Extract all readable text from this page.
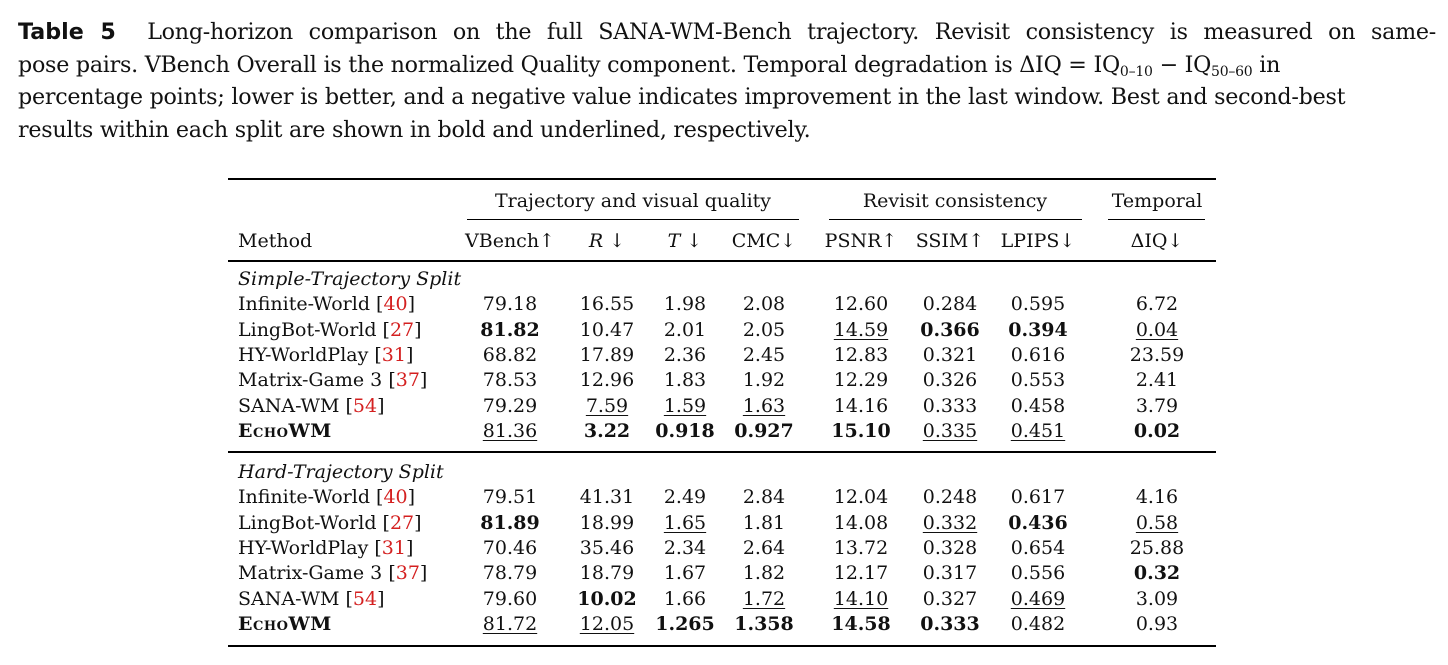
Table 5 Long-horizon comparison on the full SANA-WM-Bench trajectory. Revisit consistency is measured on same-
pose pairs. VBench Overall is the normalized Quality component. Temporal degradation is $\Delta IQ = IQ_{0-10} - IQ_{50-60}$ in
percentage points; lower is better, and a negative value indicates improvement in the last window. Best and second-best
results within each split are shown in bold and underlined, respectively.
Trajectory and visual quality	Revisit consistency	Temporal
Method	VBench↑ R ↓ T ↓ CMC↓ PSNR↑ SSIM↑ LPIPS↓	ΔIQ↓
Simple-Trajectory Split
Infinite-World [40]	79.18 16.55 1.98 2.08	12.60 0.284 0.595	6.72
LingBot-World [27]	81.82 10.47 2.01 2.05	14.59 0.366 0.394	0.04
HY-WorldPlay [31]	68.82 17.89 2.36 2.45	12.83 0.321 0.616	23.59
Matrix-Game 3 [37]	78.53 12.96 1.83 1.92	12.29 0.326 0.553	2.41
SANA-WM [54]	79.29	7.59 1.59 1.63	14.16 0.333 0.458	3.79
EchoWM	81.36 3.22 0.918 0.927 15.10 0.335 0.451	0.02
Hard-Trajectory Split
Infinite-World [40]	79.51 41.31 2.49 2.84	12.04 0.248 0.617	4.16
LingBot-World [27]	81.89 18.99 1.65 1.81	14.08 0.332 0.436	0.58
HY-WorldPlay [31]	70.46 35.46 2.34 2.64	13.72 0.328 0.654	25.88
Matrix-Game 3 [37]	78.79 18.79 1.67 1.82	12.17 0.317 0.556	0.32
SANA-WM [54]	79.60 10.02 1.66 1.72	14.10 0.327 0.469	3.09
EchoWM	81.72 12.05 1.265 1.358 14.58 0.333 0.482	0.93
